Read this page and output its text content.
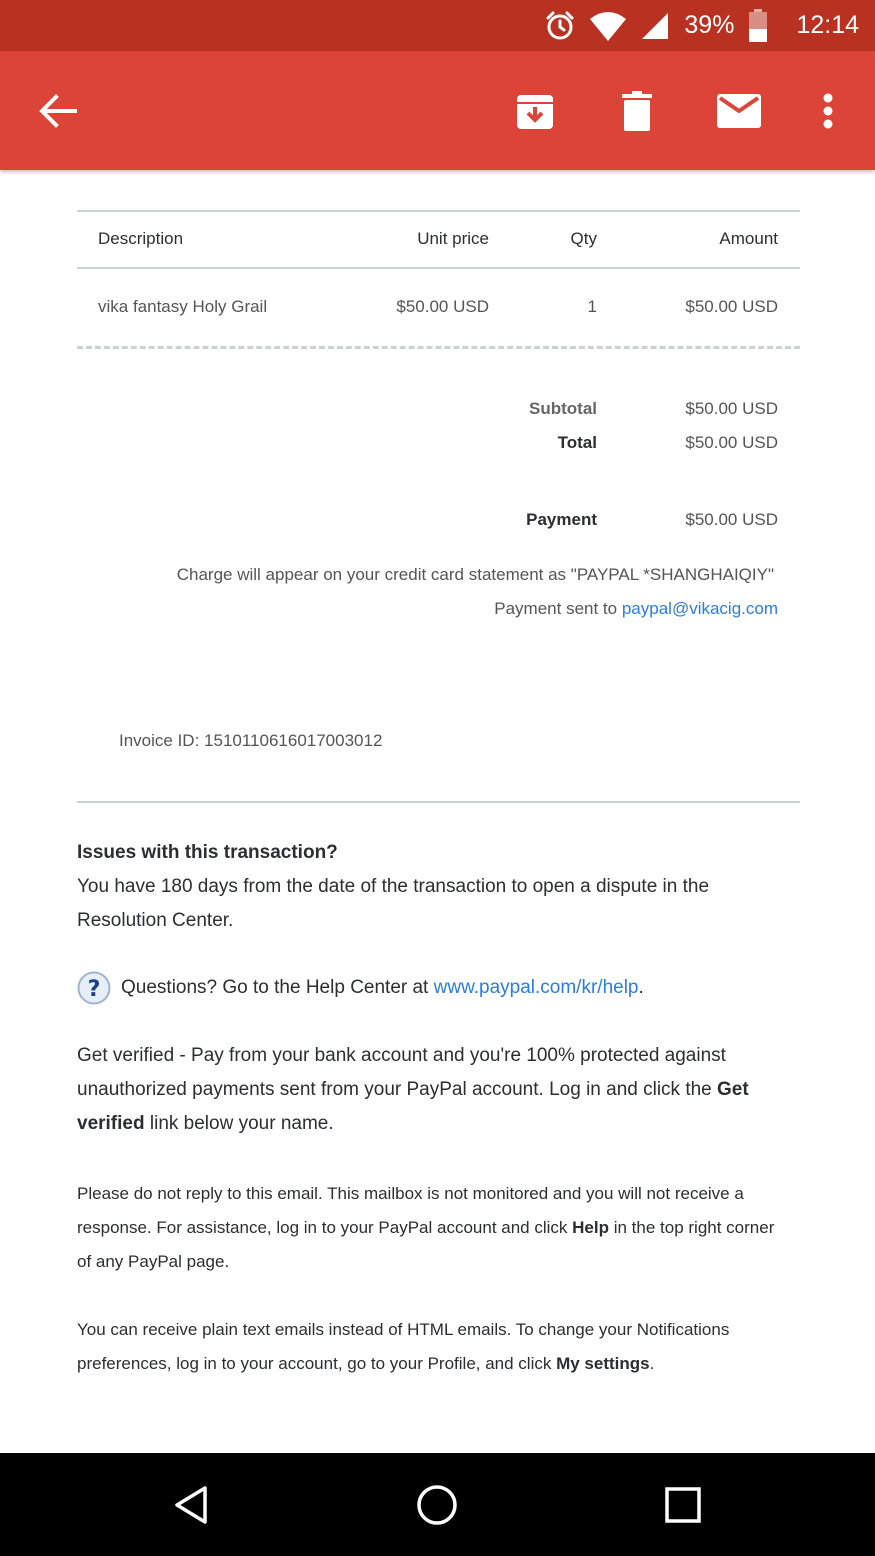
39% 12:14
Description	Unit price	Qty	Amount
vika fantasy Holy Grail	$50.00 USD	1	$50.00 USD
Subtotal	$50.00 USD
Total	$50.00 USD
Payment	$50.00 USD
Charge will appear on your credit card statement as "PAYPAL *SHANGHAIQIY"
Payment sent to paypal@vikacig.com
Invoice ID: 1510110616017003012
Issues with this transaction?
You have 180 days from the date of the transaction to open a dispute in the Resolution Center.
? Questions? Go to the Help Center at www.paypal.com/kr/help.
Get verified - Pay from your bank account and you're 100% protected against unauthorized payments sent from your PayPal account. Log in and click the Get verified link below your name.
Please do not reply to this email. This mailbox is not monitored and you will not receive a response. For assistance, log in to your PayPal account and click Help in the top right corner of any PayPal page.
You can receive plain text emails instead of HTML emails. To change your Notifications preferences, log in to your account, go to your Profile, and click My settings.
